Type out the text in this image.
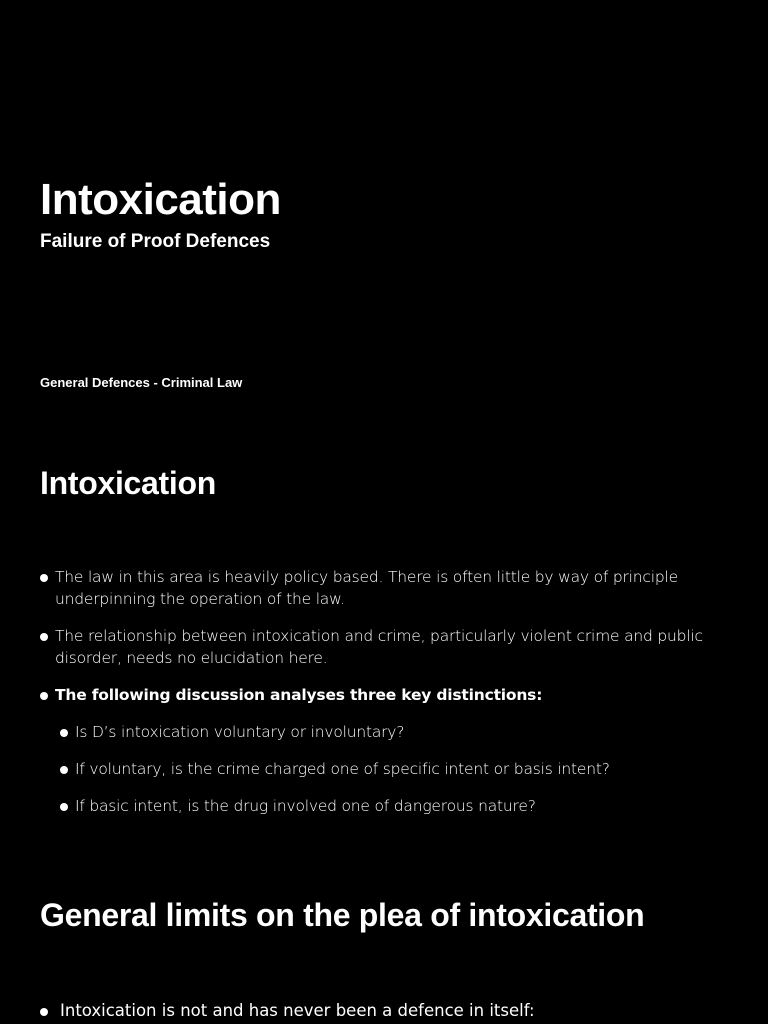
Intoxication
Failure of Proof Defences

General Defences - Criminal Law

Intoxication
The law in this area is heavily policy based. There is often little by way of principle underpinning the operation of the law.
The relationship between intoxication and crime, particularly violent crime and public disorder, needs no elucidation here.
The following discussion analyses three key distinctions:
Is D’s intoxication voluntary or involuntary?
If voluntary, is the crime charged one of specific intent or basis intent?
If basic intent, is the drug involved one of dangerous nature?
General limits on the plea of intoxication
Intoxication is not and has never been a defence in itself:
